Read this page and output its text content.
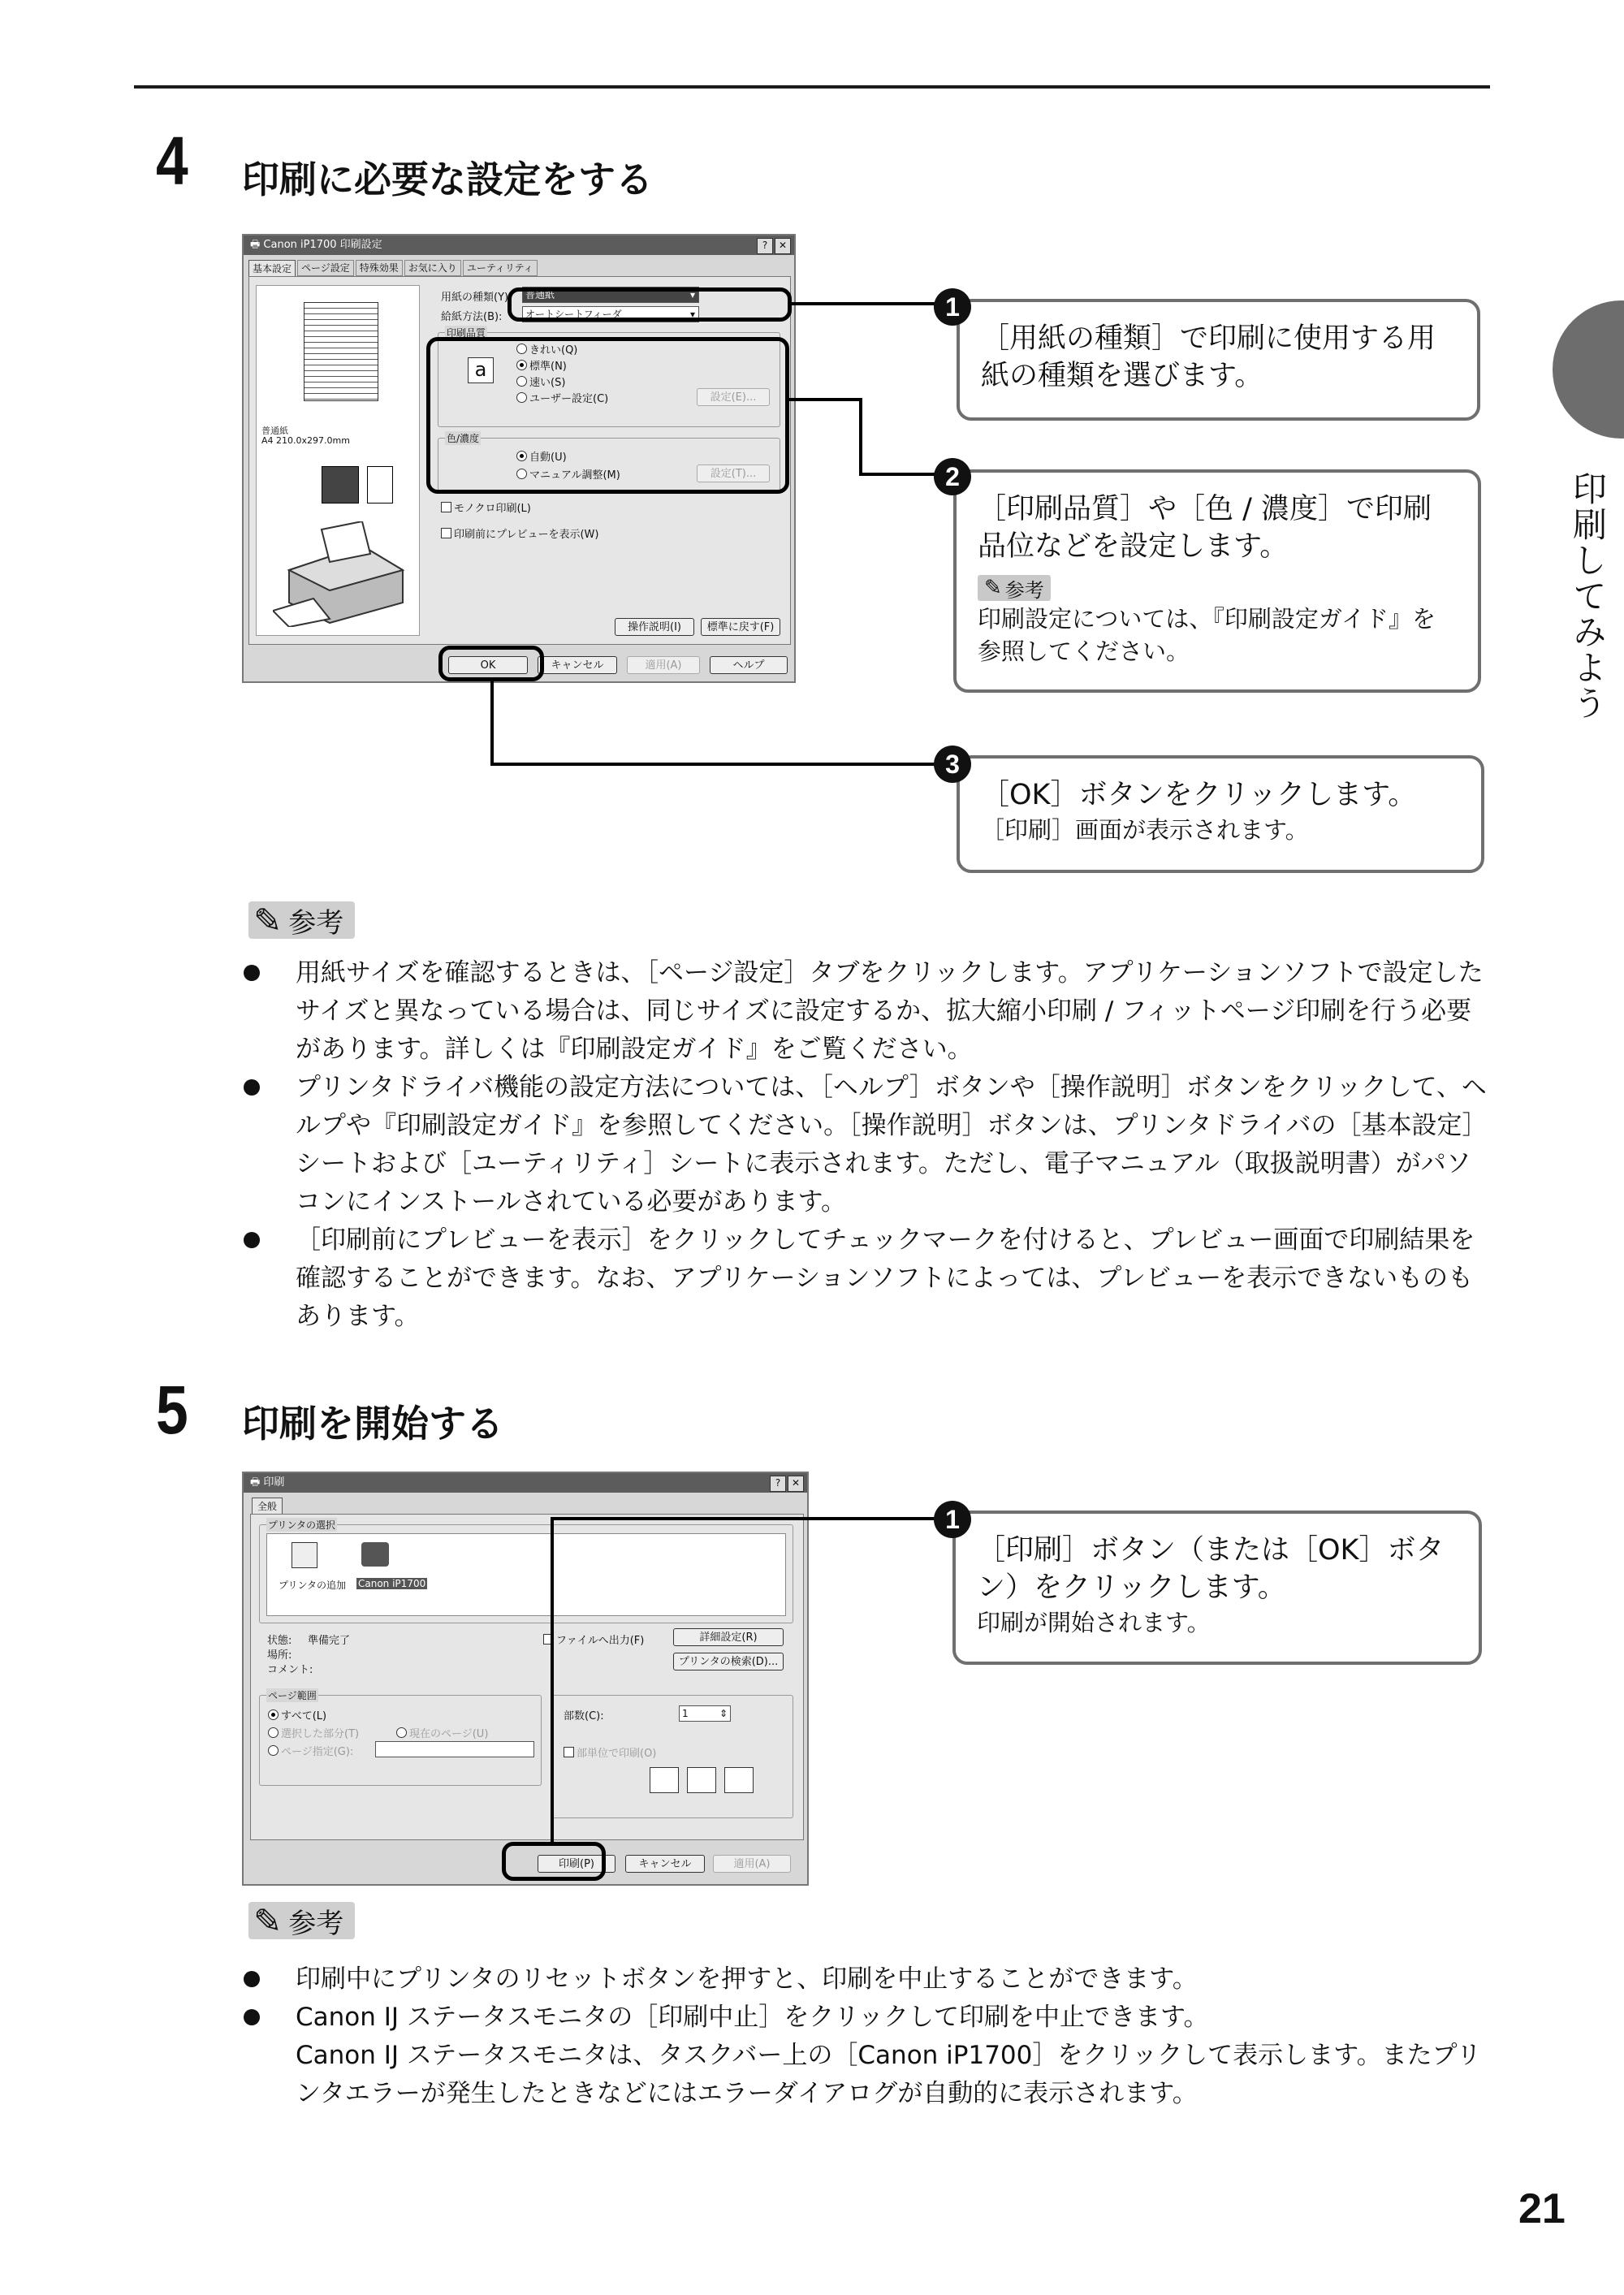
印刷してみよう
4 印刷に必要な設定をする
🖶 Canon iP1700 印刷設定	?	✕
基本設定	ページ設定	特殊効果	お気に入り	ユーティリティ
普通紙
A4 210.0x297.0mm
用紙の種類(Y):	普通紙	▾
給紙方法(B):	オートシートフィーダ	▾
印刷品質
a
きれい(Q)
標準(N)
速い(S)
ユーザー設定(C)	設定(E)...
色/濃度
自動(U)
マニュアル調整(M)	設定(T)...
モノクロ印刷(L)
印刷前にプレビューを表示(W)
操作説明(I)	標準に戻す(F)
OK	キャンセル	適用(A)	ヘルプ
［用紙の種類］で印刷に使用する用紙の種類を選びます。
1
［印刷品質］や［色 / 濃度］で印刷品位などを設定します。
✎ 参考
印刷設定については、『印刷設定ガイド』を参照してください。
2
［OK］ボタンをクリックします。
［印刷］画面が表示されます。
3
✎ 参考

用紙サイズを確認するときは、［ページ設定］タブをクリックします。アプリケーションソフトで設定したサイズと異なっている場合は、同じサイズに設定するか、拡大縮小印刷 / フィットページ印刷を行う必要があります。詳しくは『印刷設定ガイド』をご覧ください。

プリンタドライバ機能の設定方法については、［ヘルプ］ボタンや［操作説明］ボタンをクリックして、ヘルプや『印刷設定ガイド』を参照してください。［操作説明］ボタンは、プリンタドライバの［基本設定］シートおよび［ユーティリティ］シートに表示されます。ただし、電子マニュアル（取扱説明書）がパソコンにインストールされている必要があります。

［印刷前にプレビューを表示］をクリックしてチェックマークを付けると、プレビュー画面で印刷結果を確認することができます。なお、アプリケーションソフトによっては、プレビューを表示できないものもあります。

5 印刷を開始する
🖶 印刷	?	✕
全般
プリンタの選択
プリンタの追加 Canon iP1700
状態: 準備完了
場所:
コメント:
ファイルへ出力(F)	詳細設定(R)
プリンタの検索(D)...
ページ範囲
すべて(L)
選択した部分(T)	現在のページ(U)
ページ指定(G):
部数(C):	1	⇕
部単位で印刷(O)
印刷(P)	キャンセル	適用(A)
［印刷］ボタン（または［OK］ボタン）をクリックします。
印刷が開始されます。
1
✎ 参考

印刷中にプリンタのリセットボタンを押すと、印刷を中止することができます。

Canon IJ ステータスモニタの［印刷中止］をクリックして印刷を中止できます。

Canon IJ ステータスモニタは、タスクバー上の［Canon iP1700］をクリックして表示します。またプリンタエラーが発生したときなどにはエラーダイアログが自動的に表示されます。

21
